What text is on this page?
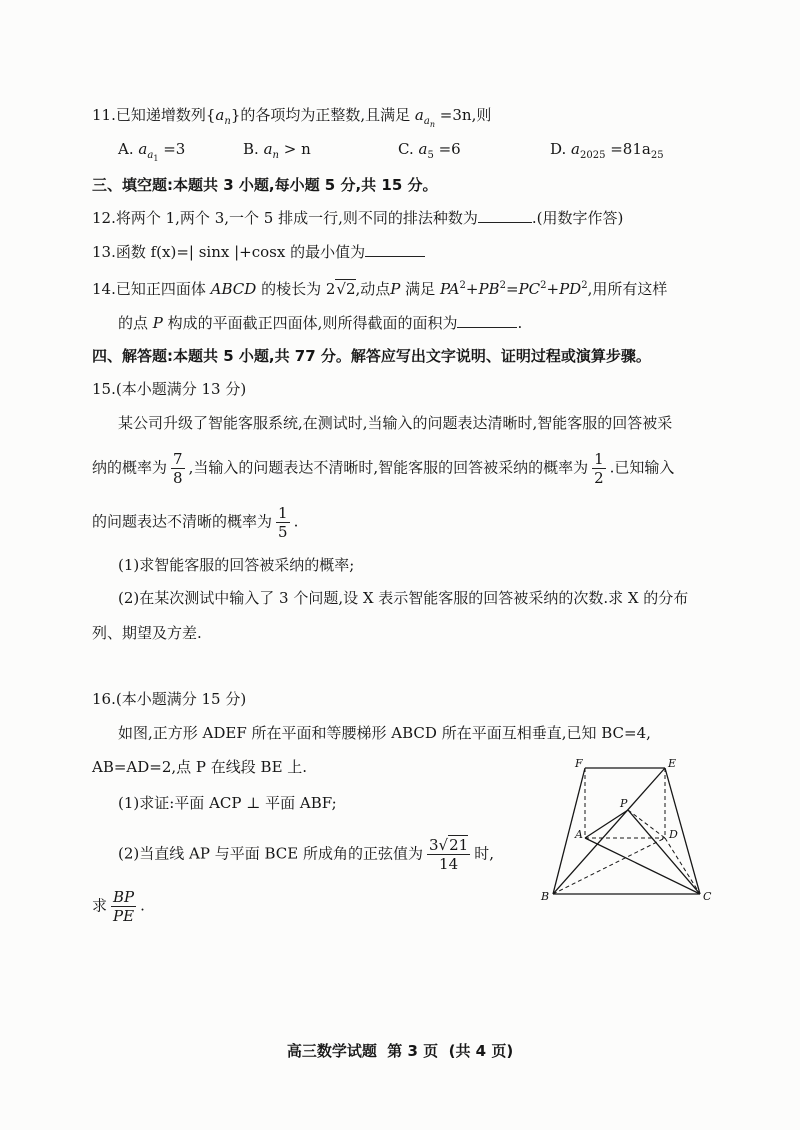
11.已知递增数列$\{a_n\}$的各项均为正整数,且满足 $a_{a_n} =3n$,则
A. $a_{a_1} =3$	B. $a_n > n$	C. $a_5 =6$	D. $a_{2025} =81a_{25}$
三、填空题:本题共 3 小题,每小题 5 分,共 15 分。
12.将两个 1,两个 3,一个 5 排成一行,则不同的排法种数为	.(用数字作答)
13.函数 f(x)=| sinx |+cosx 的最小值为
14.已知正四面体 ABCD 的棱长为 2√2,动点P 满足 $PA^2+PB^2=PC^2+PD^2$,用所有这样
的点 P 构成的平面截正四面体,则所得截面的面积为	.
四、解答题:本题共 5 小题,共 77 分。解答应写出文字说明、证明过程或演算步骤。
15.(本小题满分 13 分)
某公司升级了智能客服系统,在测试时,当输入的问题表达清晰时,智能客服的回答被采
纳的概率为 $\frac{7}{8}$ ,当输入的问题表达不清晰时,智能客服的回答被采纳的概率为 $\frac{1}{2}$ .已知输入
的问题表达不清晰的概率为 $\frac{1}{5}$ .
(1)求智能客服的回答被采纳的概率;
(2)在某次测试中输入了 3 个问题,设 X 表示智能客服的回答被采纳的次数.求 X 的分布
列、期望及方差.
16.(本小题满分 15 分)
如图,正方形 ADEF 所在平面和等腰梯形 ABCD 所在平面互相垂直,已知 BC=4,
AB=AD=2,点 P 在线段 BE 上.
(1)求证:平面 ACP ⊥ 平面 ABF;
(2)当直线 AP 与平面 BCE 所成角的正弦值为 $\frac{3√21}{14}$ 时,
求 $\frac{BP}{PE}$ .
F	E
P
A	D
B	C
高三数学试题  第 3 页  (共 4 页)
